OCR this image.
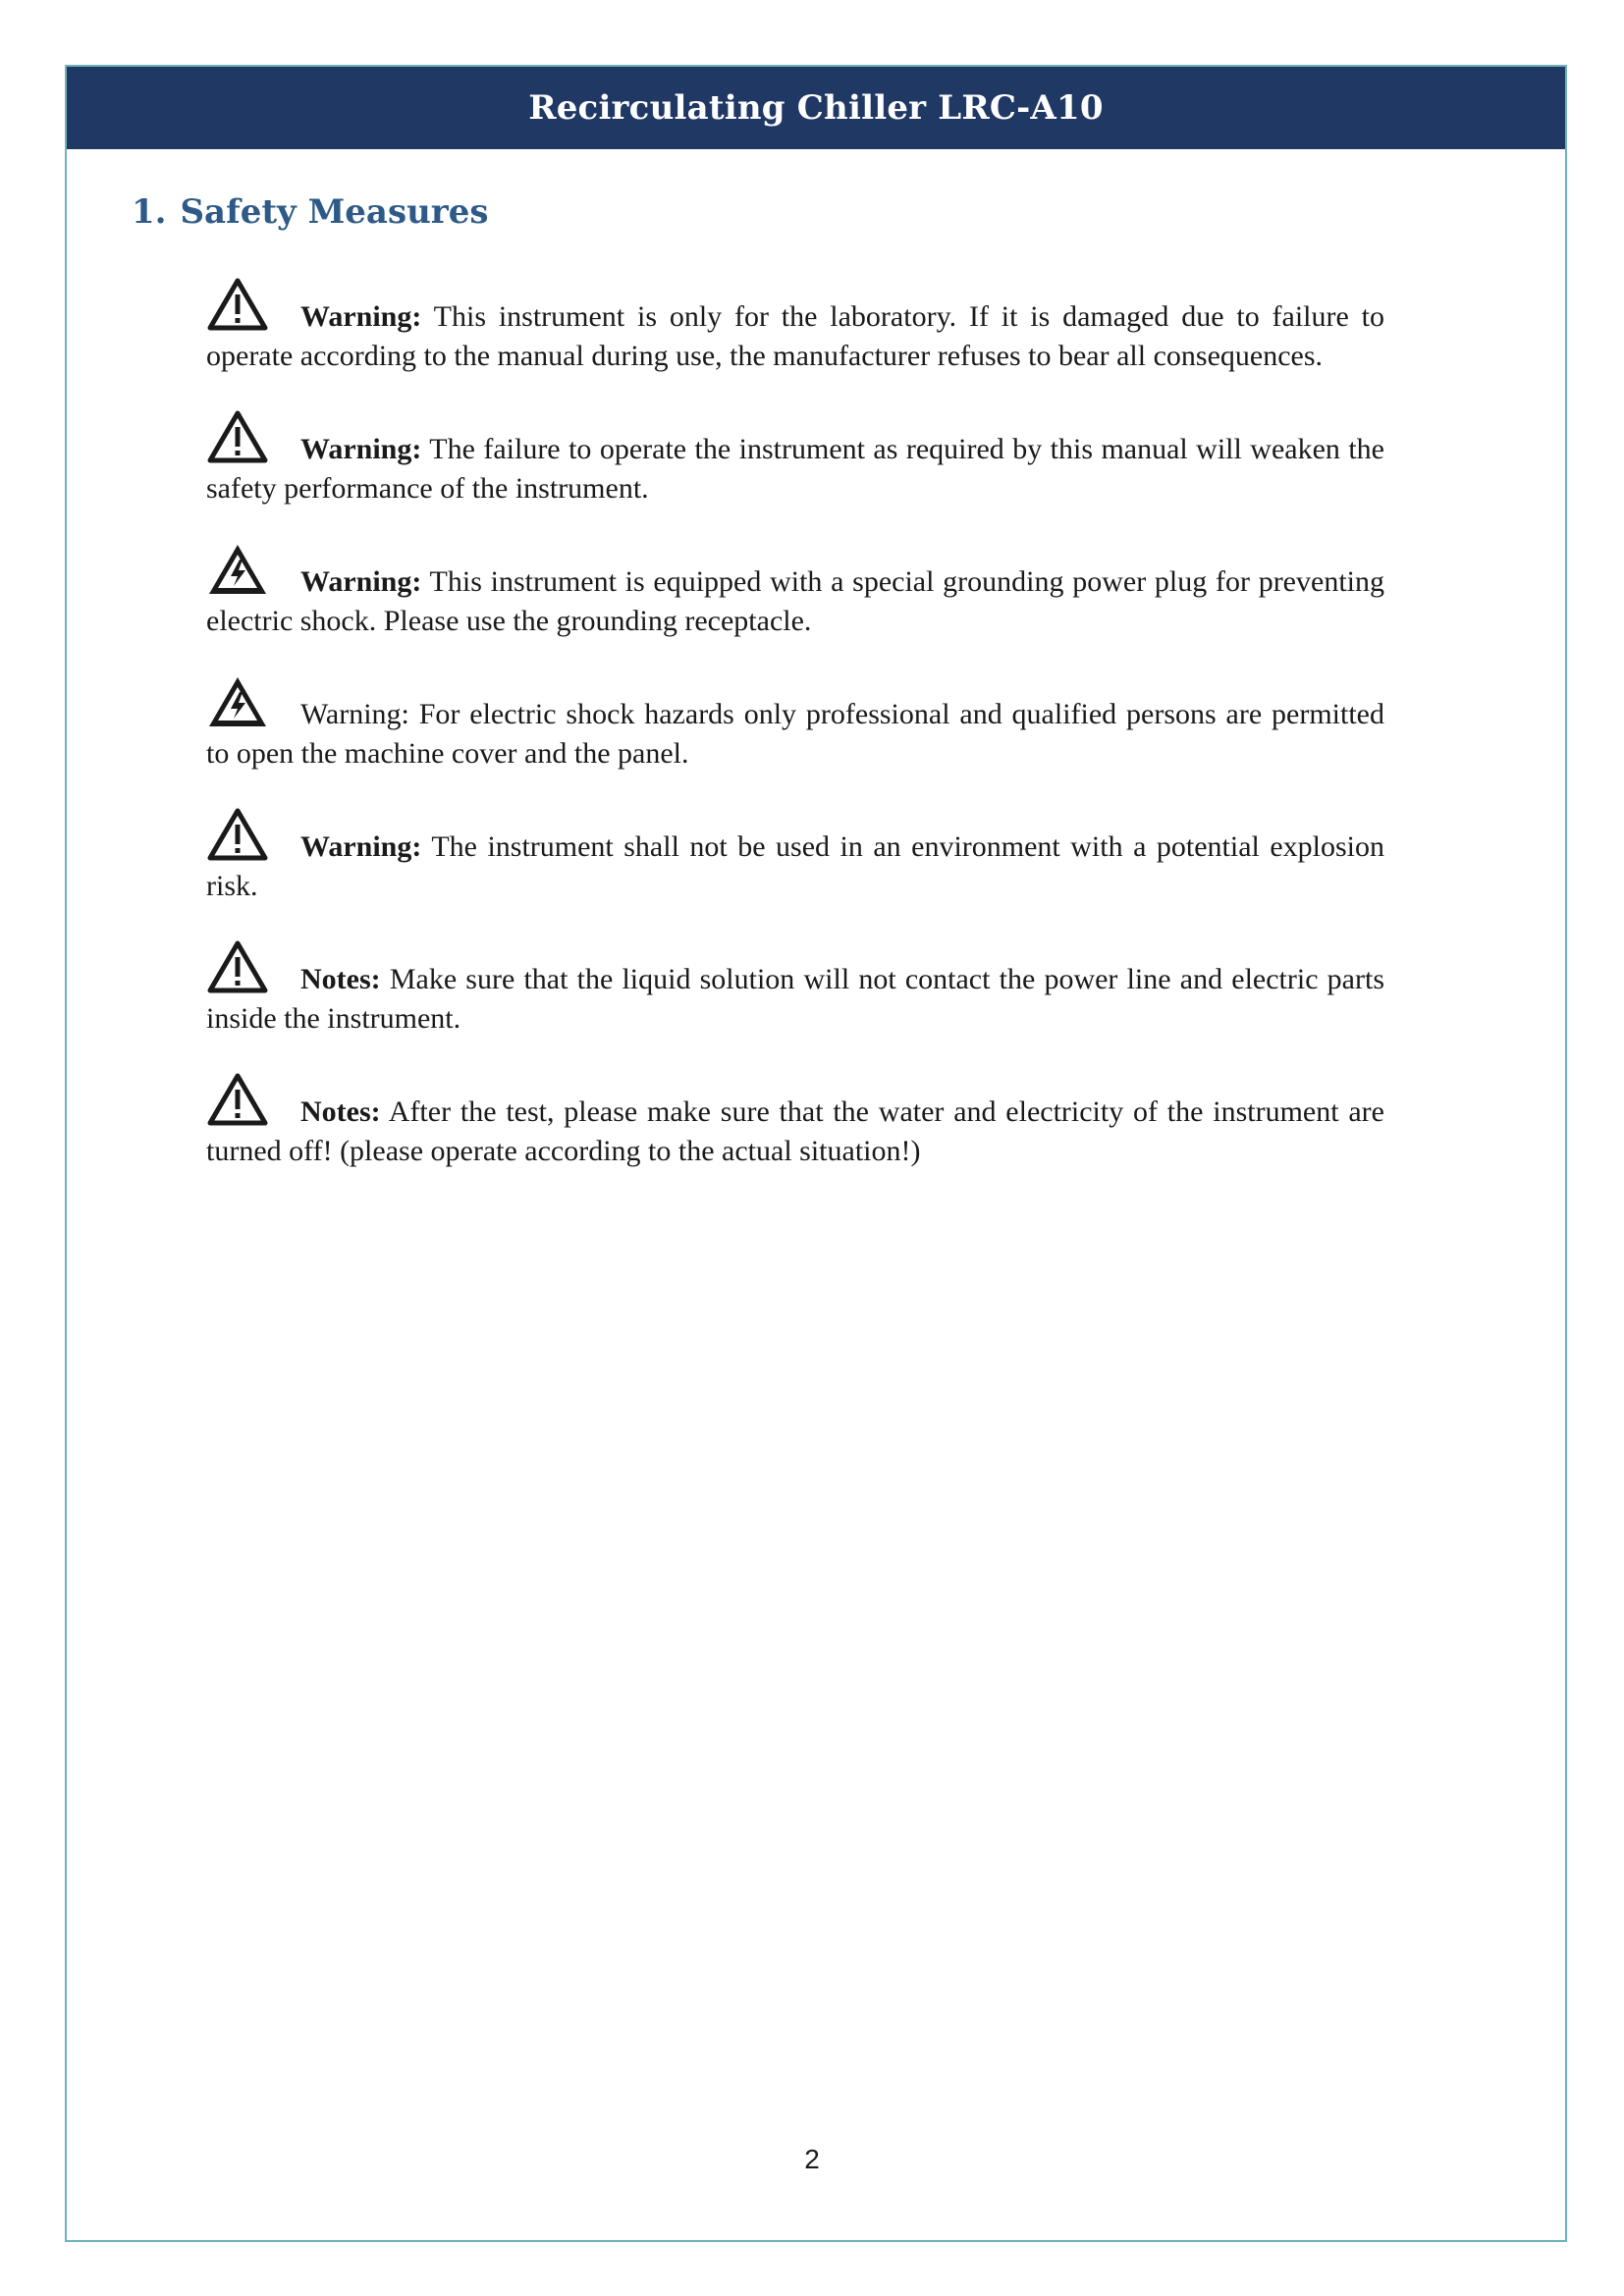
Recirculating Chiller LRC-A10
1. Safety Measures
Warning: This instrument is only for the laboratory. If it is damaged due to failure to operate according to the manual during use, the manufacturer refuses to bear all consequences.
Warning: The failure to operate the instrument as required by this manual will weaken the safety performance of the instrument.
Warning: This instrument is equipped with a special grounding power plug for preventing electric shock. Please use the grounding receptacle.
Warning: For electric shock hazards only professional and qualified persons are permitted to open the machine cover and the panel.
Warning: The instrument shall not be used in an environment with a potential explosion risk.
Notes: Make sure that the liquid solution will not contact the power line and electric parts inside the instrument.
Notes: After the test, please make sure that the water and electricity of the instrument are turned off! (please operate according to the actual situation!)
2
